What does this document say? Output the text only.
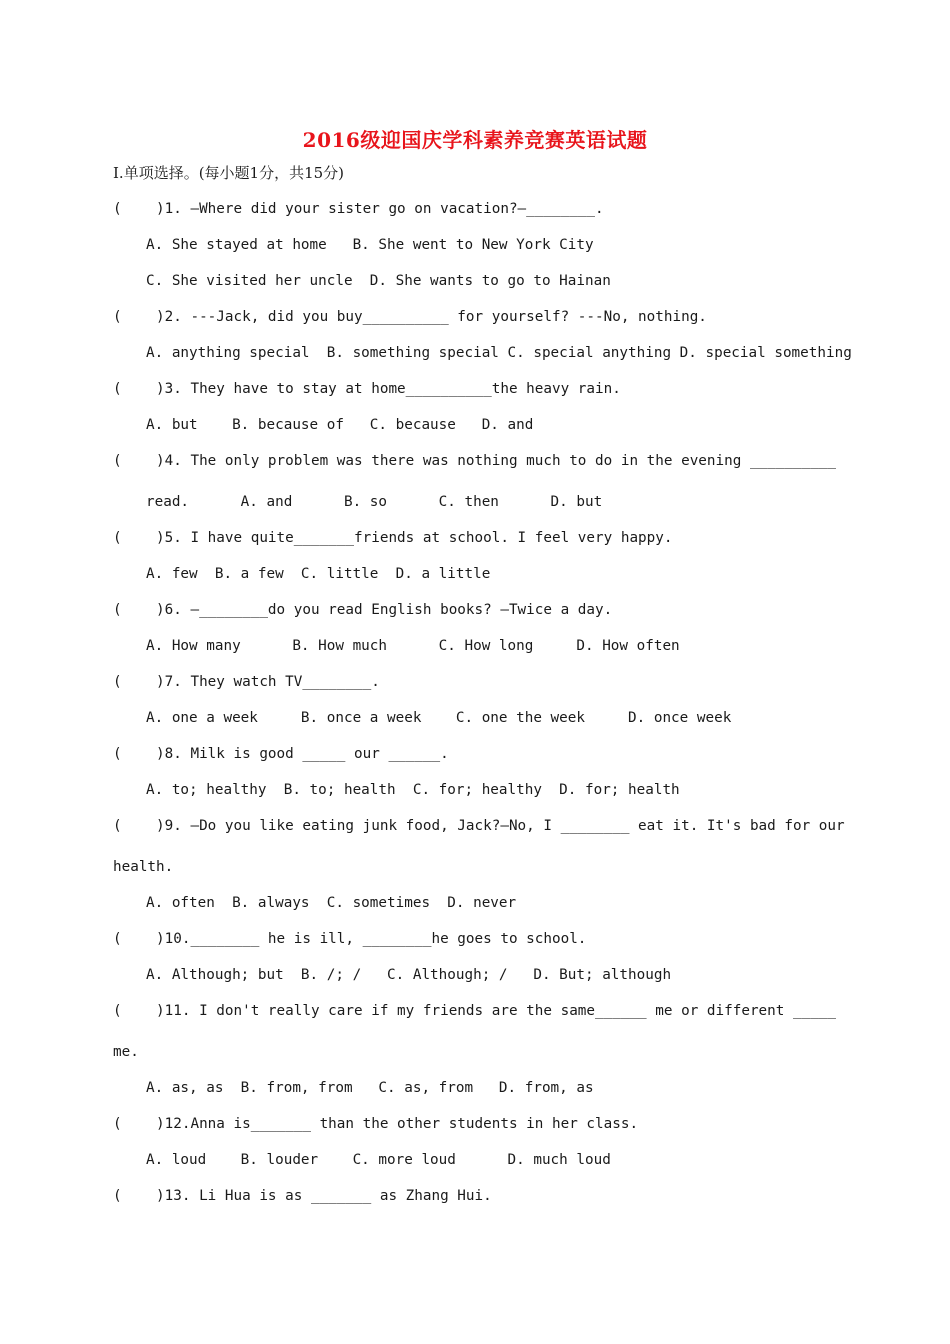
2016级迎国庆学科素养竞赛英语试题
Ⅰ.单项选择。(每小题1分，共15分)
(    )1. —Where did your sister go on vacation?—________.
A. She stayed at home   B. She went to New York City
C. She visited her uncle  D. She wants to go to Hainan
(    )2. ---Jack, did you buy__________ for yourself? ---No, nothing.
A. anything special  B. something special C. special anything D. special something
(    )3. They have to stay at home__________the heavy rain.
A. but    B. because of   C. because   D. and
(    )4. The only problem was there was nothing much to do in the evening __________
read.      A. and      B. so      C. then      D. but
(    )5. I have quite_______friends at school. I feel very happy.
A. few  B. a few  C. little  D. a little
(    )6. —________do you read English books? —Twice a day.
A. How many      B. How much      C. How long     D. How often
(    )7. They watch TV________.
A. one a week     B. once a week    C. one the week     D. once week
(    )8. Milk is good _____ our ______.
A. to; healthy  B. to; health  C. for; healthy  D. for; health
(    )9. —Do you like eating junk food, Jack?—No, I ________ eat it. It's bad for our
health.
A. often  B. always  C. sometimes  D. never
(    )10.________ he is ill, ________he goes to school.
A. Although; but  B. /; /   C. Although; /   D. But; although
(    )11. I don't really care if my friends are the same______ me or different _____
me.
A. as, as  B. from, from   C. as, from   D. from, as
(    )12.Anna is_______ than the other students in her class.
A. loud    B. louder    C. more loud      D. much loud
(    )13. Li Hua is as _______ as Zhang Hui.
